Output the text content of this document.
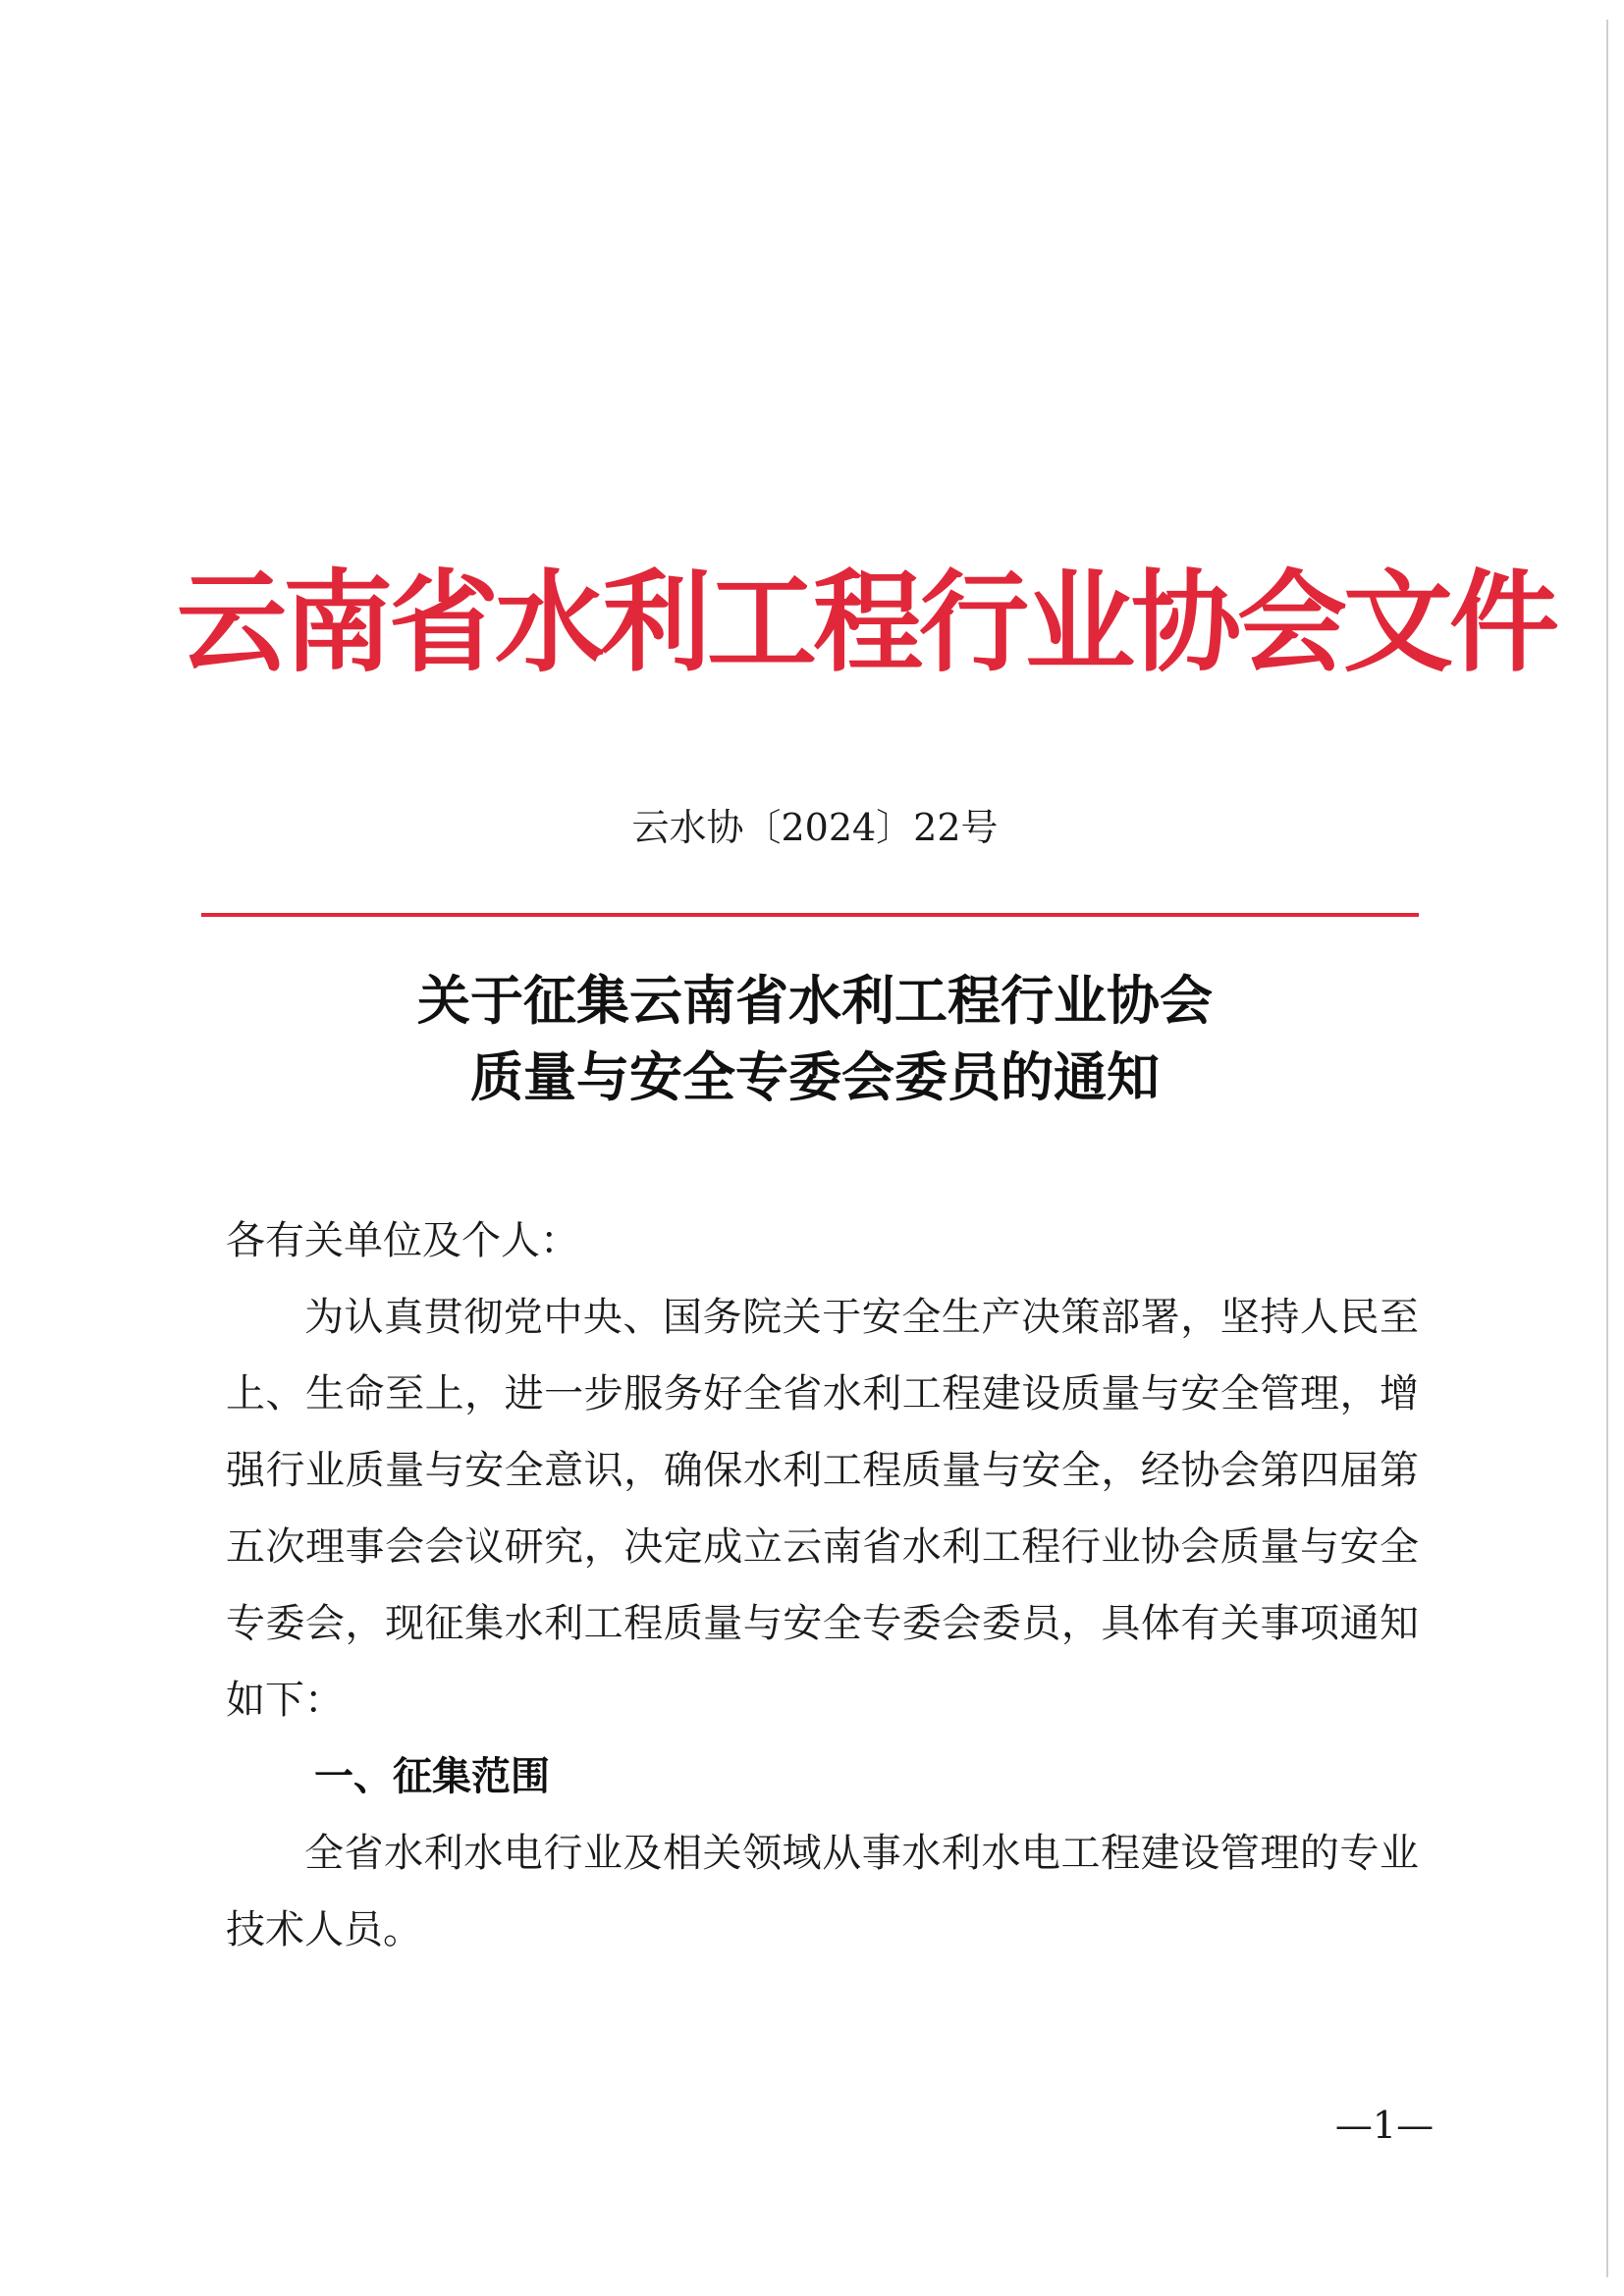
云南省水利工程行业协会文件
云水协〔2024〕22号
关于征集云南省水利工程行业协会
质量与安全专委会委员的通知
各有关单位及个人：

为认真贯彻党中央、国务院关于安全生产决策部署，坚持人民至上、生命至上，进一步服务好全省水利工程建设质量与安全管理，增强行业质量与安全意识，确保水利工程质量与安全，经协会第四届第五次理事会会议研究，决定成立云南省水利工程行业协会质量与安全专委会，现征集水利工程质量与安全专委会委员，具体有关事项通知如下：

一、征集范围

全省水利水电行业及相关领域从事水利水电工程建设管理的专业技术人员。

—1—
